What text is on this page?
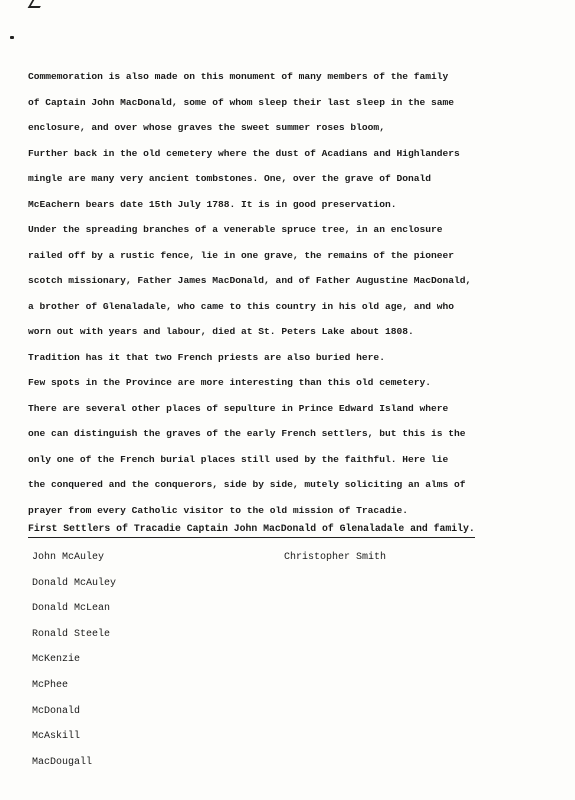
Commemoration is also made on this monument of many members of the family
of Captain John MacDonald, some of whom sleep their last sleep in the same
enclosure, and over whose graves the sweet summer roses bloom,
Further back in the old cemetery where the dust of Acadians and Highlanders
mingle are many very ancient tombstones. One, over the grave of Donald
McEachern bears date 15th July 1788. It is in good preservation.
Under the spreading branches of a venerable spruce tree, in an enclosure
railed off by a rustic fence, lie in one grave, the remains of the pioneer
scotch missionary, Father James MacDonald, and of Father Augustine MacDonald,
a brother of Glenaladale, who came to this country in his old age, and who
worn out with years and labour, died at St. Peters Lake about 1808.
Tradition has it that two French priests are also buried here.
Few spots in the Province are more interesting than this old cemetery.
There are several other places of sepulture in Prince Edward Island where
one can distinguish the graves of the early French settlers, but this is the
only one of the French burial places still used by the faithful. Here lie
the conquered and the conquerors, side by side, mutely soliciting an alms of
prayer from every Catholic visitor to the old mission of Tracadie.
First Settlers of Tracadie Captain John MacDonald of Glenaladale and family.
John McAuley
Donald McAuley
Donald McLean
Ronald Steele
McKenzie
McPhee
McDonald
McAskill
MacDougall
Christopher Smith
